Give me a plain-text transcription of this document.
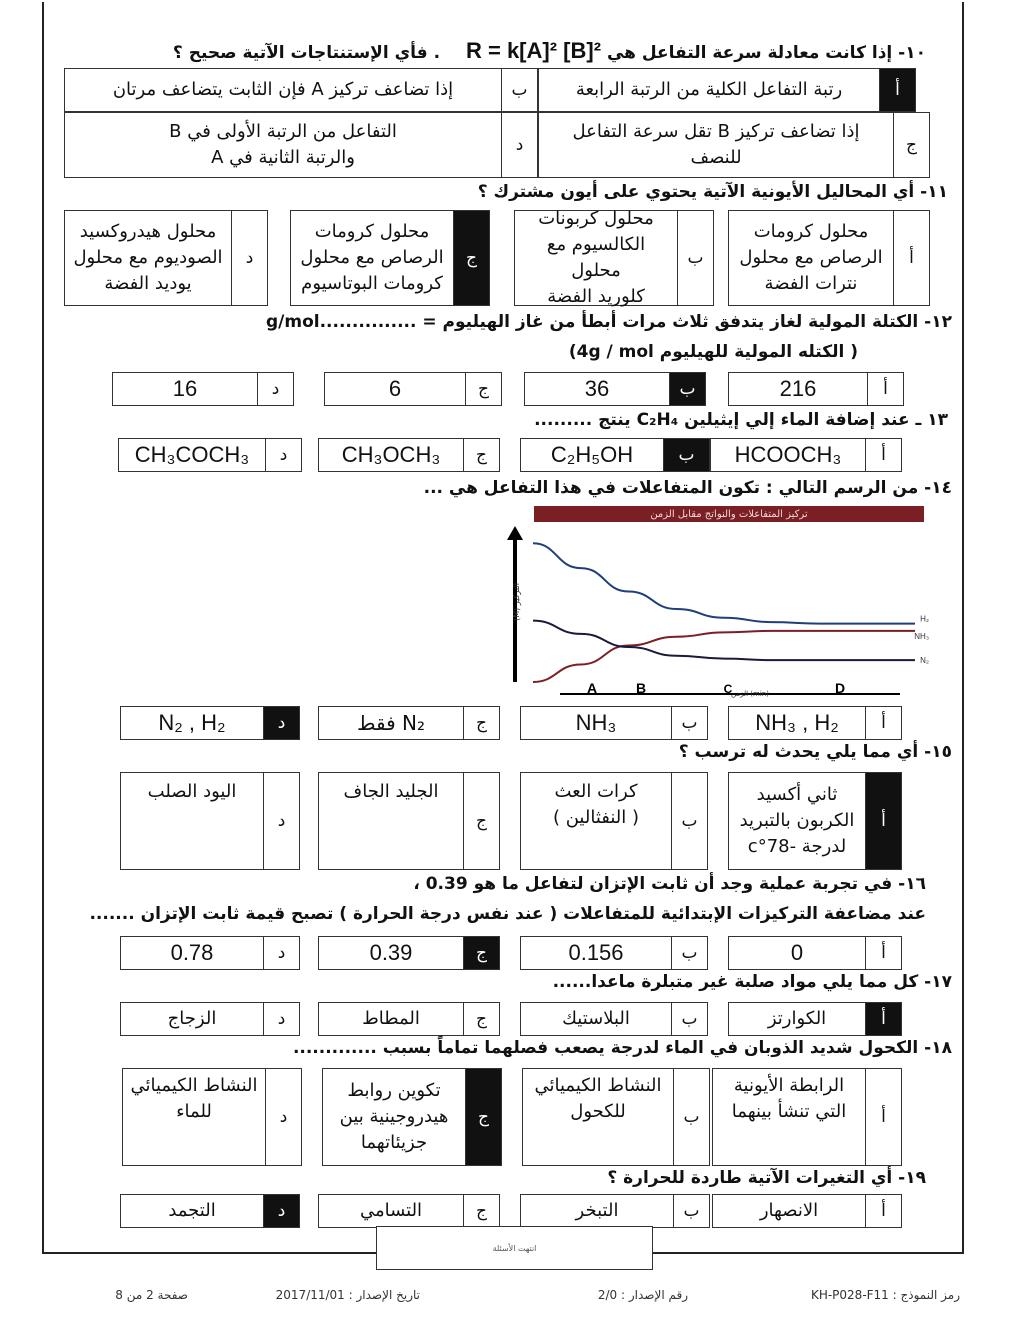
١٠- إذا كانت معادلة سرعة التفاعل هي R = k[A]² [B]² . فأي الإستنتاجات الآتية صحيح ؟
أ
رتبة التفاعل الكلية من الرتبة الرابعة
ب
إذا تضاعف تركيز A فإن الثابت يتضاعف مرتان
ج
إذا تضاعف تركيز B تقل سرعة التفاعل
للنصف
د
التفاعل من الرتبة الأولى في B
والرتبة الثانية في A
١١- أي المحاليل الأيونية الآتية يحتوي على أيون مشترك ؟
أ
محلول كرومات
الرصاص مع محلول
نترات الفضة
ب
محلول كربونات
الكالسيوم مع محلول
كلوريد الفضة
ج
محلول كرومات
الرصاص مع محلول
كرومات البوتاسيوم
د
محلول هيدروكسيد
الصوديوم مع محلول
يوديد الفضة
١٢- الكتلة المولية لغاز يتدفق ثلاث مرات أبطأ من غاز الهيليوم = ...............g/mol
( الكتله المولية للهيليوم 4g / mol)
أ
216
ب
36
ج
6
د
16
١٣ ـ عند إضافة الماء إلي إيثيلين C₂H₄ ينتج .........
أ
HCOOCH₃
ب
C₂H₅OH
ج
CH₃OCH₃
د
CH₃COCH₃
١٤- من الرسم التالي : تكون المتفاعلات في هذا التفاعل هي ...
تركيز المتفاعلات والنواتج مقابل الزمن
التركيز (M)
H₂
NH₃
N₂
A	B	C	D
(min) الزمن
أ
NH₃ , H₂
ب
NH₃
ج
N₂ فقط
د
N₂ , H₂
١٥- أي مما يلي يحدث له ترسب ؟
أ
ثاني أكسيد
الكربون بالتبريد
لدرجة -78°c
ب
كرات العث
( النفثالين )
ج
الجليد الجاف
د
اليود الصلب
١٦- في تجربة عملية وجد أن ثابت الإتزان لتفاعل ما هو 0.39 ،
عند مضاعفة التركيزات الإبتدائية للمتفاعلات ( عند نفس درجة الحرارة ) تصبح قيمة ثابت الإتزان .......
أ
0
ب
0.156
ج
0.39
د
0.78
١٧- كل مما يلي مواد صلبة غير متبلرة ماعدا......
أ
الكوارتز
ب
البلاستيك
ج
المطاط
د
الزجاج
١٨- الكحول شديد الذوبان في الماء لدرجة يصعب فصلهما تماماً بسبب .............
أ
الرابطة الأيونية
التي تنشأ بينهما
ب
النشاط الكيميائي
للكحول
ج
تكوين روابط
هيدروجينية بين
جزيئاتهما
د
النشاط الكيميائي
للماء
١٩- أي التغيرات الآتية طاردة للحرارة ؟
أ
الانصهار
ب
التبخر
ج
التسامي
د
التجمد
انتهت الأسئلة
رمز النموذج : KH-P028-F11
رقم الإصدار : 2/0
تاريخ الإصدار : 2017/11/01
صفحة 2 من 8
